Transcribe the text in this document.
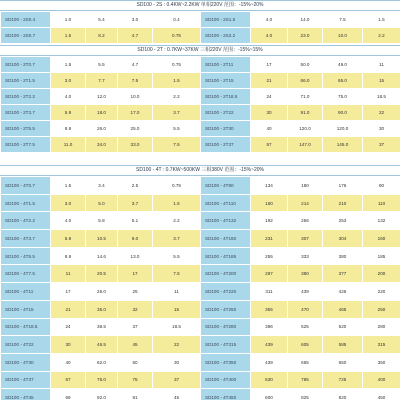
SD100 - 2S : 0.4KW~2.2KW 单相220V 范围：-15%~20%
SD100 - 2S0.4	1.0	5.4	3.0	0.4	SD100 - 2S1.5	4.0	14.0	7.5	1.5
SD100 - 2S0.7	1.5	8.2	4.7	0.75	SD100 - 2S2.2	4.0	23.0	10.0	2.2
SD100 - 2T : 0.7KW~37KW 三相220V 范围：-15%~15%
SD100 - 2T0.7	1.5	5.5	4.7	0.75	SD100 - 2T11	17	50.0	49.0	11
SD100 - 2T1.5	3.0	7.7	7.5	1.5	SD100 - 2T15	21	66.0	65.0	15
SD100 - 2T2.2	4.0	12.0	10.0	2.2	SD100 - 2T18.5	24	71.0	75.0	18.5
SD100 - 2T3.7	5.9	18.0	17.0	3.7	SD100 - 2T22	30	91.0	90.0	22
SD100 - 2T5.5	8.9	26.0	25.0	5.5	SD100 - 2T30	40	120.0	120.0	30
SD100 - 2T7.5	11.0	34.0	33.0	7.5	SD100 - 2T37	57	147.0	145.0	37
SD100 - 4T : 0.7KW~500KW 三相380V 范围：-15%~20%
SD100 - 4T0.7	1.5	3.4	2.5	0.75	SD100 - 4T90	134	180	176	90
SD100 - 4T1.5	3.0	5.0	3.7	1.5	SD100 - 4T110	160	214	210	110
SD100 - 4T2.2	4.0	5.8	5.1	2.2	SD100 - 4T132	192	256	253	132
SD100 - 4T3.7	5.9	10.5	9.0	3.7	SD100 - 4T160	231	307	304	160
SD100 - 4T5.5	8.9	14.6	13.0	5.5	SD100 - 4T185	255	333	380	185
SD100 - 4T7.5	11	20.5	17	7.5	SD100 - 4T200	287	380	377	200
SD100 - 4T11	17	26.0	25	11	SD100 - 4T220	311	439	426	220
SD100 - 4T15	21	35.0	32	15	SD100 - 4T250	355	470	465	250
SD100 - 4T18.5	24	38.5	37	18.5	SD100 - 4T280	396	525	520	280
SD100 - 4T22	30	46.5	45	22	SD100 - 4T315	439	605	585	315
SD100 - 4T30	40	62.0	60	30	SD100 - 4T350	439	665	650	350
SD100 - 4T37	57	76.0	75	37	SD100 - 4T400	530	785	725	400
SD100 - 4T45	69	92.0	91	45	SD100 - 4T450	600	825	820	450
